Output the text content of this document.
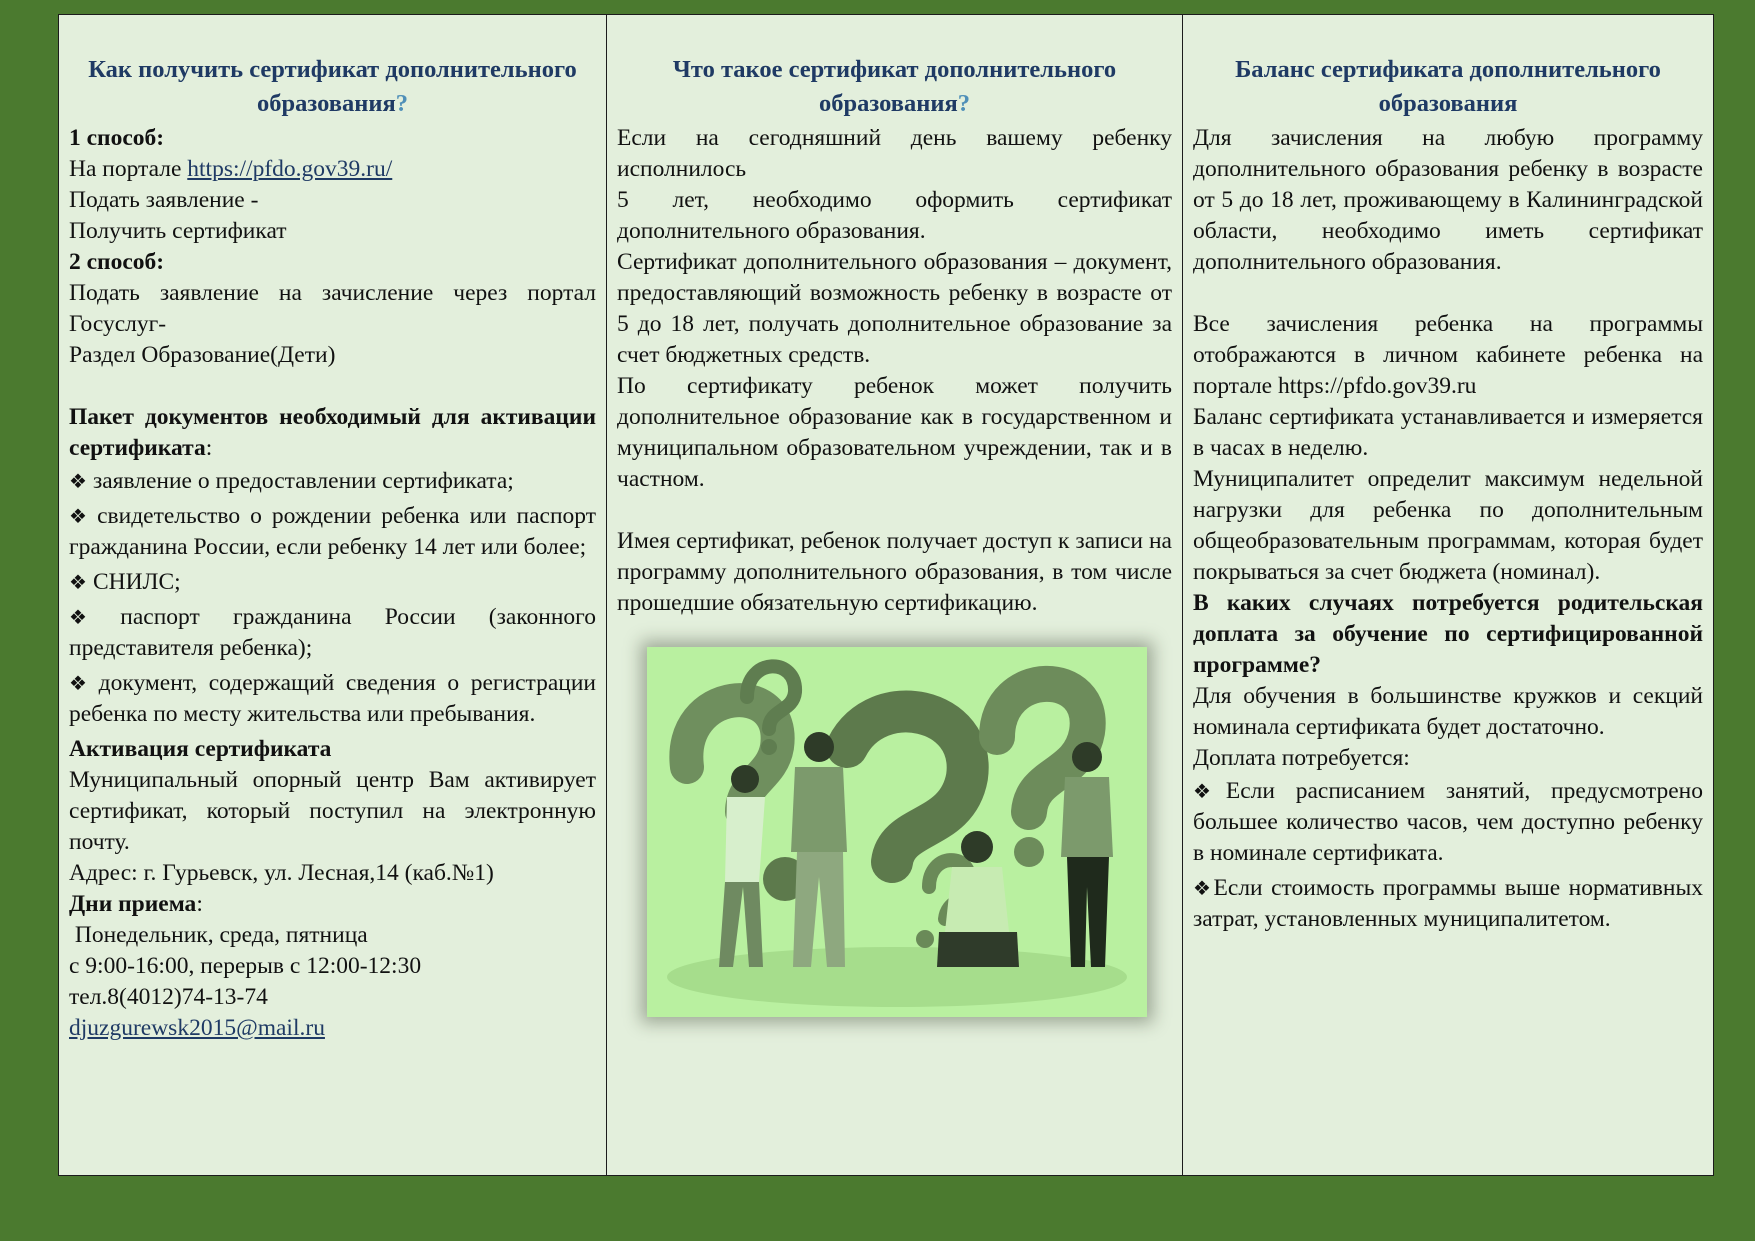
Как получить сертификат дополнительного образования?

1 способ:

На портале https://pfdo.gov39.ru/

Подать заявление -

Получить сертификат

2 способ:

Подать заявление на зачисление через портал Госуслуг-

Раздел Образование(Дети)

Пакет документов необходимый для активации сертификата:

❖ заявление о предоставлении сертификата;
❖ свидетельство о рождении ребенка или паспорт гражданина России, если ребенку 14 лет или более;
❖ СНИЛС;
❖ паспорт гражданина России (законного представителя ребенка);
❖ документ, содержащий сведения о регистрации ребенка по месту жительства или пребывания.

Активация сертификата

Муниципальный опорный центр Вам активирует сертификат, который поступил на электронную почту.

Адрес: г. Гурьевск, ул. Лесная,14 (каб.№1)

Дни приема:

Понедельник, среда, пятница

с 9:00-16:00, перерыв с 12:00-12:30

тел.8(4012)74-13-74

djuzgurewsk2015@mail.ru

Что такое сертификат дополнительного образования?

Если на сегодняшний день вашему ребенку исполнилось

5 лет, необходимо оформить сертификат дополнительного образования.

Сертификат дополнительного образования – документ, предоставляющий возможность ребенку в возрасте от 5 до 18 лет, получать дополнительное образование за счет бюджетных средств.

По сертификату ребенок может получить дополнительное образование как в государственном и муниципальном образовательном учреждении, так и в частном.

Имея сертификат, ребенок получает доступ к записи на программу дополнительного образования, в том числе прошедшие обязательную сертификацию.

Баланс сертификата дополнительного образования

Для зачисления на любую программу дополнительного образования ребенку в возрасте от 5 до 18 лет, проживающему в Калининградской области, необходимо иметь сертификат дополнительного образования.

Все зачисления ребенка на программы отображаются в личном кабинете ребенка на портале https://pfdo.gov39.ru

Баланс сертификата устанавливается и измеряется в часах в неделю.

Муниципалитет определит максимум недельной нагрузки для ребенка по дополнительным общеобразовательным программам, которая будет покрываться за счет бюджета (номинал).

В каких случаях потребуется родительская доплата за обучение по сертифицированной программе?

Для обучения в большинстве кружков и секций номинала сертификата будет достаточно.

Доплата потребуется:

❖Если расписанием занятий, предусмотрено большее количество часов, чем доступно ребенку в номинале сертификата.
❖Если стоимость программы выше нормативных затрат, установленных муниципалитетом.
